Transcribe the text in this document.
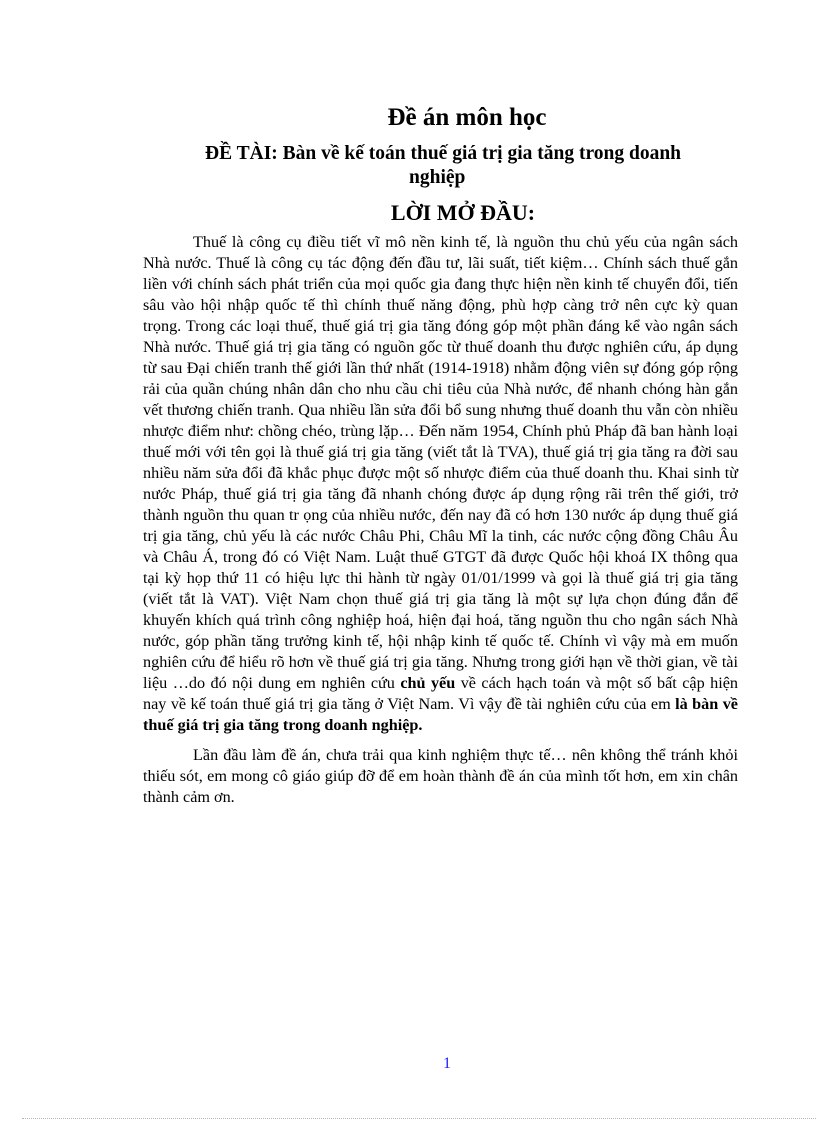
Đề án môn học
ĐỀ TÀI: Bàn về kế toán thuế giá trị gia tăng trong doanh
nghiệp
LỜI MỞ ĐẦU:

Thuế là công cụ điều tiết vĩ mô nền kinh tế, là nguồn thu chủ yếu của ngân sách Nhà nước. Thuế là công cụ tác động đến đầu tư, lãi suất, tiết kiệm… Chính sách thuế gắn liền với chính sách phát triển của mọi quốc gia đang thực hiện nền kinh tế chuyển đổi, tiến sâu vào hội nhập quốc tế thì chính thuế năng động, phù hợp càng trở nên cực kỳ quan trọng. Trong các loại thuế, thuế giá trị gia tăng đóng góp một phần đáng kể vào ngân sách Nhà nước. Thuế giá trị gia tăng có nguồn gốc từ thuế doanh thu được nghiên cứu, áp dụng từ sau Đại chiến tranh thế giới lần thứ nhất (1914-1918) nhằm động viên sự đóng góp rộng rải của quần chúng nhân dân cho nhu cầu chi tiêu của Nhà nước, để nhanh chóng hàn gắn vết thương chiến tranh. Qua nhiều lần sửa đổi bổ sung nhưng thuế doanh thu vẫn còn nhiều nhược điểm như: chồng chéo, trùng lặp… Đến năm 1954, Chính phủ Pháp đã ban hành loại thuế mới với tên gọi là thuế giá trị gia tăng (viết tắt là TVA), thuế giá trị gia tăng ra đời sau nhiều năm sửa đổi đã khắc phục được một số nhược điểm của thuế doanh thu. Khai sinh từ nước Pháp, thuế giá trị gia tăng đã nhanh chóng được áp dụng rộng rãi trên thế giới, trở thành nguồn thu quan tr ọng của nhiều nước, đến nay đã có hơn 130 nước áp dụng thuế giá trị gia tăng, chủ yếu là các nước Châu Phi, Châu Mĩ la tinh, các nước cộng đồng Châu Âu và Châu Á, trong đó có Việt Nam. Luật thuế GTGT đã được Quốc hội khoá IX thông qua tại kỳ họp thứ 11 có hiệu lực thi hành từ ngày 01/01/1999 và gọi là thuế giá trị gia tăng (viết tắt là VAT). Việt Nam chọn thuế giá trị gia tăng là một sự lựa chọn đúng đắn để khuyến khích quá trình công nghiệp hoá, hiện đại hoá, tăng nguồn thu cho ngân sách Nhà nước, góp phần tăng trưởng kinh tế, hội nhập kinh tế quốc tế. Chính vì vậy mà em muốn nghiên cứu để hiểu rõ hơn về thuế giá trị gia tăng. Nhưng trong giới hạn về thời gian, về tài liệu …do đó nội dung em nghiên cứu chủ yếu về cách hạch toán và một số bất cập hiện nay về kế toán thuế giá trị gia tăng ở Việt Nam. Vì vậy đề tài nghiên cứu của em là bàn về thuế giá trị gia tăng trong doanh nghiệp.

Lần đầu làm đề án, chưa trải qua kinh nghiệm thực tế… nên không thể tránh khỏi thiếu sót, em mong cô giáo giúp đỡ để em hoàn thành đề án của mình tốt hơn, em xin chân thành cảm ơn.

1
